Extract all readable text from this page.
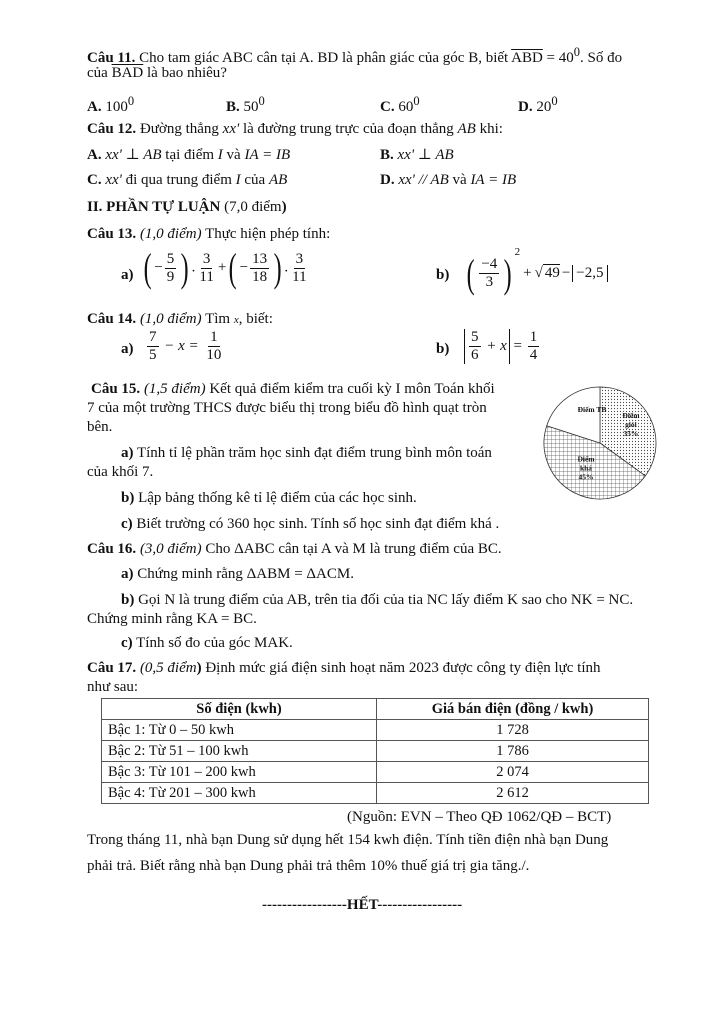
Câu 11. Cho tam giác ABC cân tại A. BD là phân giác của góc B, biết $\overline{ABD} = 40^0$. Số đo
của $\overline{BAD}$ là bao nhiêu?
A. $100^0$	B. $50^0$	C. $60^0$	D. $20^0$
Câu 12. Đường thẳng xx' là đường trung trực của đoạn thẳng AB khi:
A. xx' ⊥ AB tại điểm I và IA = IB	B. xx' ⊥ AB
C. xx' đi qua trung điểm I của AB	D. xx' // AB và IA = IB
II. PHẦN TỰ LUẬN (7,0 điểm)
Câu 13. (1,0 điểm) Thực hiện phép tính:
a) ( − $\frac{5}{9}$ ) . $\frac{3}{11}$ +( − $\frac{13}{18}$ ) . $\frac{3}{11}$	b) ( $\frac{-4}{3}$ ) $^2$+ √ 49 − −2,5
Câu 14. (1,0 điểm) Tìm x, biết:
$a) \frac{7}{5} - x = \frac{1}{10}$	$b) \frac{5}{6} + x = \frac{1}{4}$
Câu 15. (1,5 điểm) Kết quả điểm kiểm tra cuối kỳ I môn Toán khối
7 của một trường THCS được biểu thị trong biểu đồ hình quạt tròn
bên.
a) Tính tỉ lệ phần trăm học sinh đạt điểm trung bình môn toán
của khối 7.
b) Lập bảng thống kê tỉ lệ điểm của các học sinh.
c) Biết trường có 360 học sinh. Tính số học sinh đạt điểm khá .
Điểm giỏi 35%
Điểm khá 45%
Điểm TB
Câu 16. (3,0 điểm) Cho ΔABC cân tại A và M là trung điểm của BC.
a) Chứng minh rằng ΔABM = ΔACM.
b) Gọi N là trung điểm của AB, trên tia đối của tia NC lấy điểm K sao cho NK = NC.
Chứng minh rằng KA = BC.
c) Tính số đo của góc MAK.
Câu 17. (0,5 điểm) Định mức giá điện sinh hoạt năm 2023 được công ty điện lực tính
như sau:
Số điện (kwh)	Giá bán điện (đồng / kwh)
Bậc 1: Từ 0 – 50 kwh	1 728
Bậc 2: Từ 51 – 100 kwh	1 786
Bậc 3: Từ 101 – 200 kwh	2 074
Bậc 4: Từ 201 – 300 kwh	2 612
(Nguồn: EVN – Theo QĐ 1062/QĐ – BCT)
Trong tháng 11, nhà bạn Dung sử dụng hết 154 kwh điện. Tính tiền điện nhà bạn Dung
phải trả. Biết rằng nhà bạn Dung phải trả thêm 10% thuế giá trị gia tăng./.
-----------------HẾT-----------------
